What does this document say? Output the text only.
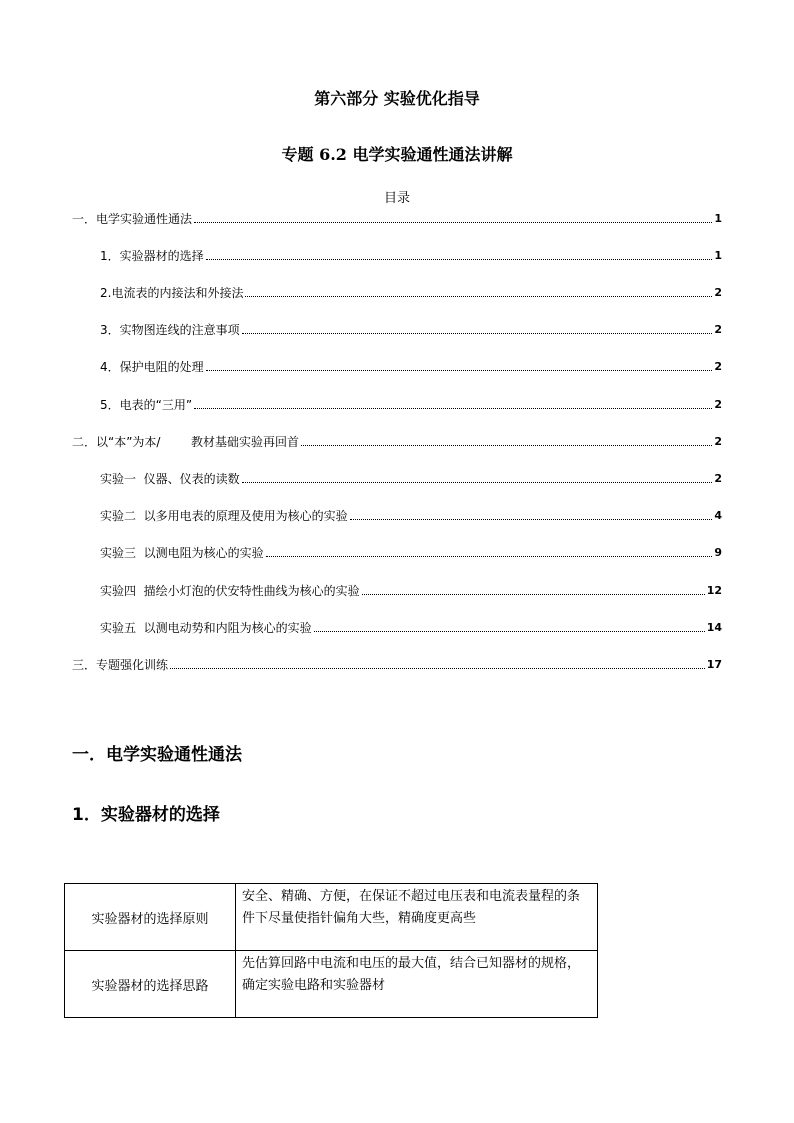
第六部分 实验优化指导
专题 6.2 电学实验通性通法讲解
目录
一．电学实验通性通法	1
1．实验器材的选择	1
2.电流表的内接法和外接法	2
3．实物图连线的注意事项	2
4．保护电阻的处理	2
5．电表的“三用”	2
二．以“本”为本/        教材基础实验再回首	2
实验一  仪器、仪表的读数	2
实验二  以多用电表的原理及使用为核心的实验	4
实验三  以测电阻为核心的实验	9
实验四  描绘小灯泡的伏安特性曲线为核心的实验	12
实验五  以测电动势和内阻为核心的实验	14
三．专题强化训练	17
一．电学实验通性通法
1．实验器材的选择
实验器材的选择原则	安全、精确、方便，在保证不超过电压表和电流表量程的条件下尽量使指针偏角大些，精确度更高些
实验器材的选择思路	先估算回路中电流和电压的最大值，结合已知器材的规格，确定实验电路和实验器材
